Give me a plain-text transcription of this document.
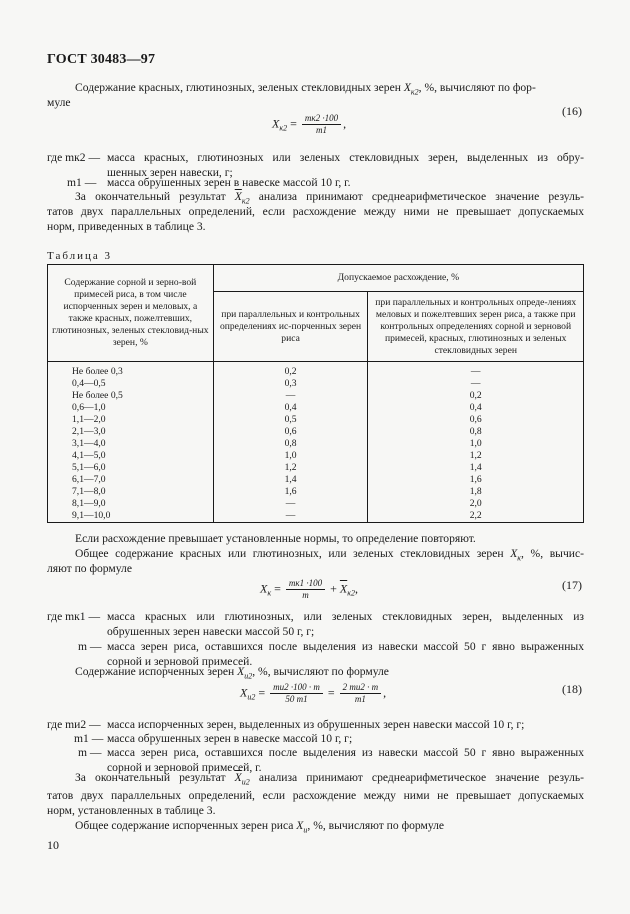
ГОСТ 30483—97
Содержание красных, глютинозных, зеленых стекловидных зерен $X_{к2}$, %, вычисляют по фор-
муле
$X_{к2} = \frac{mк2 \cdot 100}{m1}$ ,
(16)
где mк2 — масса красных, глютинозных или зеленых стекловидных зерен, выделенных из обру-
шенных зерен навески, г;
m1 — масса обрушенных зерен в навеске массой 10 г, г.
За окончательный результат $\overline{X}_{к2}$ анализа принимают среднеарифметическое значение резуль-
татов двух параллельных определений, если расхождение между ними не превышает допускаемых
норм, приведенных в таблице 3.
Таблица 3
Содержание сорной и зерно-вой примесей риса, в том числе испорченных зерен и меловых, а также красных, пожелтевших, глютинозных, зеленых стекловид-ных зерен, %	Допускаемое расхождение, %	
	при параллельных и контрольных определениях ис-порченных зерен риса	при параллельных и контрольных опреде-лениях меловых и пожелтевших зерен риса, а также при контрольных определениях сорной и зерновой примесей, красных, глютинозных и зеленых стекловидных зерен

Не более 0,3	0,2	—
0,4—0,5	0,3	—
Не более 0,5	—	0,2
0,6—1,0	0,4	0,4
1,1—2,0	0,5	0,6
2,1—3,0	0,6	0,8
3,1—4,0	0,8	1,0
4,1—5,0	1,0	1,2
5,1—6,0	1,2	1,4
6,1—7,0	1,4	1,6
7,1—8,0	1,6	1,8
8,1—9,0	—	2,0
9,1—10,0	—	2,2
Если расхождение превышает установленные нормы, то определение повторяют.
Общее содержание красных или глютинозных, или зеленых стекловидных зерен $X_к$, %, вычис-
ляют по формуле
$X_к = \frac{mк1 \cdot 100}{m} + \overline{X}_{к2}$,	(17)
где mк1 — масса красных или глютинозных, или зеленых стекловидных зерен, выделенных из
обрушенных зерен навески массой 50 г, г;
m — масса зерен риса, оставшихся после выделения из навески массой 50 г явно выраженных
сорной и зерновой примесей.
Содержание испорченных зерен $X_{и2}$, %, вычисляют по формуле
$X_{и2} = \frac{mи2 \cdot 100 \cdot m}{50 m1} = \frac{2 mи2 \cdot m}{m1}$ ,	(18)
где mи2 — масса испорченных зерен, выделенных из обрушенных зерен навески массой 10 г, г;
m1 — масса обрушенных зерен в навеске массой 10 г, г;
m — масса зерен риса, оставшихся после выделения из навески массой 50 г явно выраженных
сорной и зерновой примесей, г.
За окончательный результат $\overline{X}_{и2}$ анализа принимают среднеарифметическое значение резуль-
татов двух параллельных определений, если расхождение между ними не превышает допускаемых
норм, установленных в таблице 3.
Общее содержание испорченных зерен риса $X_и$, %, вычисляют по формуле
10
